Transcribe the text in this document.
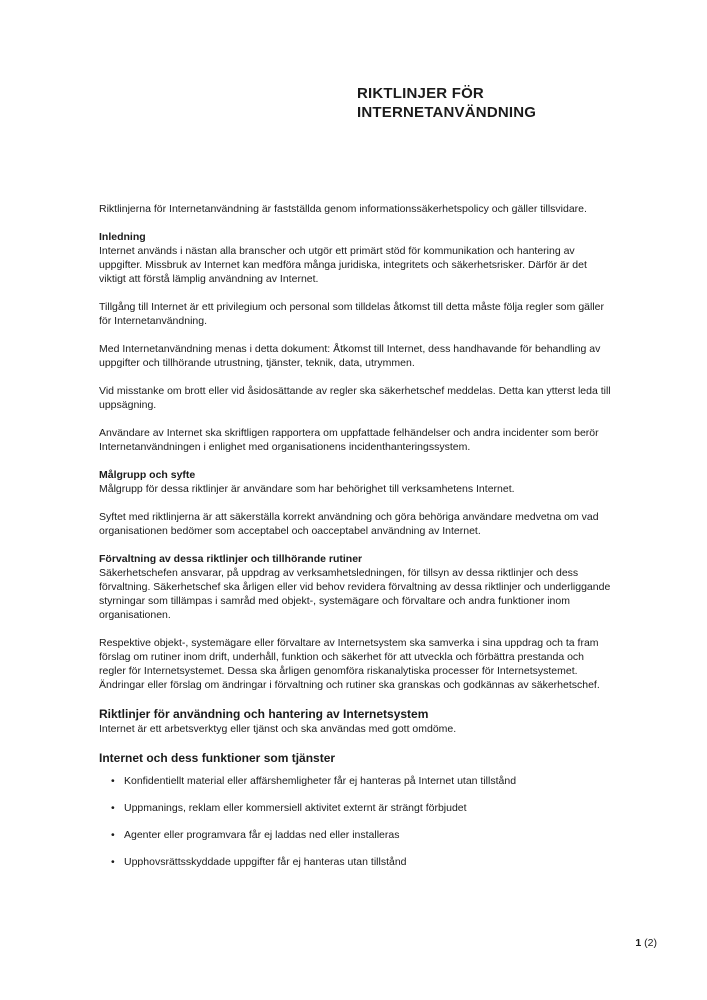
RIKTLINJER FÖR
INTERNETANVÄNDNING

Riktlinjerna för Internetanvändning är fastställda genom informationssäkerhetspolicy och gäller tillsvidare.

Inledning

Internet används i nästan alla branscher och utgör ett primärt stöd för kommunikation och hantering av uppgifter. Missbruk av Internet kan medföra många juridiska, integritets och säkerhetsrisker. Därför är det viktigt att förstå lämplig användning av Internet.

Tillgång till Internet är ett privilegium och personal som tilldelas åtkomst till detta måste följa regler som gäller för Internetanvändning.

Med Internetanvändning menas i detta dokument: Åtkomst till Internet, dess handhavande för behandling av uppgifter och tillhörande utrustning, tjänster, teknik, data, utrymmen.

Vid misstanke om brott eller vid åsidosättande av regler ska säkerhetschef meddelas. Detta kan ytterst leda till uppsägning.

Användare av Internet ska skriftligen rapportera om uppfattade felhändelser och andra incidenter som berör Internetanvändningen i enlighet med organisationens incidenthanteringssystem.

Målgrupp och syfte

Målgrupp för dessa riktlinjer är användare som har behörighet till verksamhetens Internet.

Syftet med riktlinjerna är att säkerställa korrekt användning och göra behöriga användare medvetna om vad organisationen bedömer som acceptabel och oacceptabel användning av Internet.

Förvaltning av dessa riktlinjer och tillhörande rutiner

Säkerhetschefen ansvarar, på uppdrag av verksamhetsledningen, för tillsyn av dessa riktlinjer och dess förvaltning. Säkerhetschef ska årligen eller vid behov revidera förvaltning av dessa riktlinjer och underliggande styrningar som tillämpas i samråd med objekt-, systemägare och förvaltare och andra funktioner inom organisationen.

Respektive objekt-, systemägare eller förvaltare av Internetsystem ska samverka i sina uppdrag och ta fram förslag om rutiner inom drift, underhåll, funktion och säkerhet för att utveckla och förbättra prestanda och regler för Internetsystemet. Dessa ska årligen genomföra riskanalytiska processer för Internetsystemet. Ändringar eller förslag om ändringar i förvaltning och rutiner ska granskas och godkännas av säkerhetschef.

Riktlinjer för användning och hantering av Internetsystem

Internet är ett arbetsverktyg eller tjänst och ska användas med gott omdöme.

Internet och dess funktioner som tjänster
• Konfidentiellt material eller affärshemligheter får ej hanteras på Internet utan tillstånd
• Uppmanings, reklam eller kommersiell aktivitet externt är strängt förbjudet
• Agenter eller programvara får ej laddas ned eller installeras
• Upphovsrättsskyddade uppgifter får ej hanteras utan tillstånd
1 (2)
